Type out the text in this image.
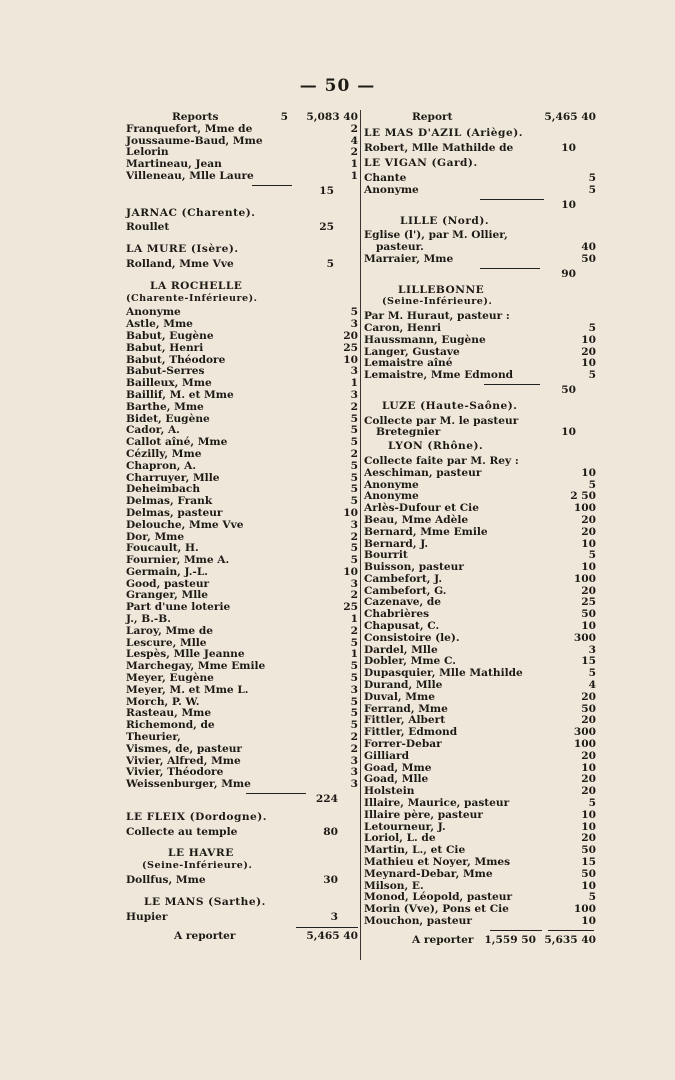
— 50 —
Reports	5	5,083 40
Franquefort, Mme de	2
Joussaume-Baud, Mme	4
Lelorin	2
Martineau, Jean	1
Villeneau, Mlle Laure	1
15
JARNAC (Charente).
Roullet	25
LA MURE (Isère).
Rolland, Mme Vve	5
LA ROCHELLE
(Charente-Inférieure).
Anonyme	5
Astle, Mme	3
Babut, Eugène	20
Babut, Henri	25
Babut, Théodore	10
Babut-Serres	3
Bailleux, Mme	1
Baillif, M. et Mme	3
Barthe, Mme	2
Bidet, Eugène	5
Cador, A.	5
Callot aîné, Mme	5
Cézilly, Mme	2
Chapron, A.	5
Charruyer, Mlle	5
Deheimbach	5
Delmas, Frank	5
Delmas, pasteur	10
Delouche, Mme Vve	3
Dor, Mme	2
Foucault, H.	5
Fournier, Mme A.	5
Germain, J.-L.	10
Good, pasteur	3
Granger, Mlle	2
Part d'une loterie	25
J., B.-B.	1
Laroy, Mme de	2
Lescure, Mlle	5
Lespès, Mlle Jeanne	1
Marchegay, Mme Emile	5
Meyer, Eugène	5
Meyer, M. et Mme L.	3
Morch, P. W.	5
Rasteau, Mme	5
Richemond, de	5
Theurier,	2
Vismes, de, pasteur	2
Vivier, Alfred, Mme	3
Vivier, Théodore	3
Weissenburger, Mme	3
224
LE FLEIX (Dordogne).
Collecte au temple	80
LE HAVRE
(Seine-Inférieure).
Dollfus, Mme	30
LE MANS (Sarthe).
Hupier	3
A reporter	5,465 40
Report	5,465 40
LE MAS D'AZIL (Ariège).
Robert, Mlle Mathilde de	10
LE VIGAN (Gard).
Chante	5
Anonyme	5
10
LILLE (Nord).
Eglise (l'), par M. Ollier,
pasteur.	40
Marraier, Mme	50
90
LILLEBONNE
(Seine-Inférieure).
Par M. Huraut, pasteur :
Caron, Henri	5
Haussmann, Eugène	10
Langer, Gustave	20
Lemaistre aîné	10
Lemaistre, Mme Edmond	5
50
LUZE (Haute-Saône).
Collecte par M. le pasteur
Bretegnier	10
LYON (Rhône).
Collecte faite par M. Rey :
Aeschiman, pasteur	10
Anonyme	5
Anonyme	2 50
Arlès-Dufour et Cie	100
Beau, Mme Adèle	20
Bernard, Mme Emile	20
Bernard, J.	10
Bourrit	5
Buisson, pasteur	10
Cambefort, J.	100
Cambefort, G.	20
Cazenave, de	25
Chabrières	50
Chapusat, C.	10
Consistoire (le).	300
Dardel, Mlle	3
Dobler, Mme C.	15
Dupasquier, Mlle Mathilde	5
Durand, Mlle	4
Duval, Mme	20
Ferrand, Mme	50
Fittler, Albert	20
Fittler, Edmond	300
Forrer-Debar	100
Gilliard	20
Goad, Mme	10
Goad, Mlle	20
Holstein	20
Illaire, Maurice, pasteur	5
Illaire père, pasteur	10
Letourneur, J.	10
Loriol, L. de	20
Martin, L., et Cie	50
Mathieu et Noyer, Mmes	15
Meynard-Debar, Mme	50
Milson, E.	10
Monod, Léopold, pasteur	5
Morin (Vve), Pons et Cie	100
Mouchon, pasteur	10
A reporter	1,559 50 5,635 40
